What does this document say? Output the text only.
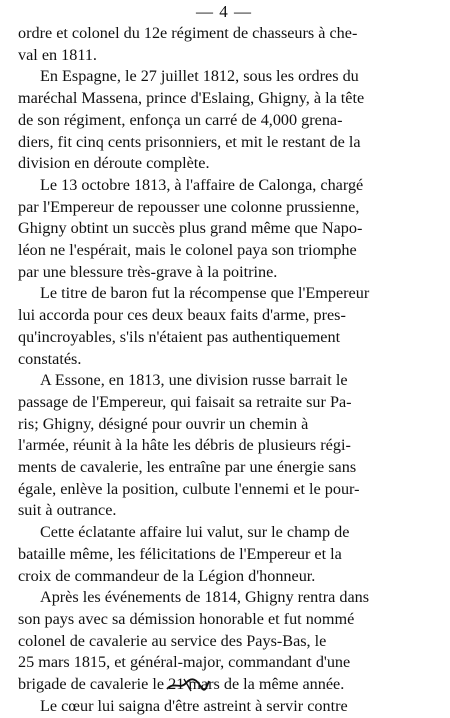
— 4 —

ordre et colonel du 12e régiment de chasseurs à che-
val en 1811.

En Espagne, le 27 juillet 1812, sous les ordres du
maréchal Massena, prince d'Eslaing, Ghigny, à la tête
de son régiment, enfonça un carré de 4,000 grena-
diers, fit cinq cents prisonniers, et mit le restant de la
division en déroute complète.

Le 13 octobre 1813, à l'affaire de Calonga, chargé
par l'Empereur de repousser une colonne prussienne,
Ghigny obtint un succès plus grand même que Napo-
léon ne l'espérait, mais le colonel paya son triomphe
par une blessure très-grave à la poitrine.

Le titre de baron fut la récompense que l'Empereur
lui accorda pour ces deux beaux faits d'arme, pres-
qu'incroyables, s'ils n'étaient pas authentiquement
constatés.

A Essone, en 1813, une division russe barrait le
passage de l'Empereur, qui faisait sa retraite sur Pa-
ris; Ghigny, désigné pour ouvrir un chemin à
l'armée, réunit à la hâte les débris de plusieurs régi-
ments de cavalerie, les entraîne par une énergie sans
égale, enlève la position, culbute l'ennemi et le pour-
suit à outrance.

Cette éclatante affaire lui valut, sur le champ de
bataille même, les félicitations de l'Empereur et la
croix de commandeur de la Légion d'honneur.

Après les événements de 1814, Ghigny rentra dans
son pays avec sa démission honorable et fut nommé
colonel de cavalerie au service des Pays-Bas, le
25 mars 1815, et général-major, commandant d'une
brigade de cavalerie le 21 mars
de la même année.

Le cœur lui saigna d'être astreint à servir contre
